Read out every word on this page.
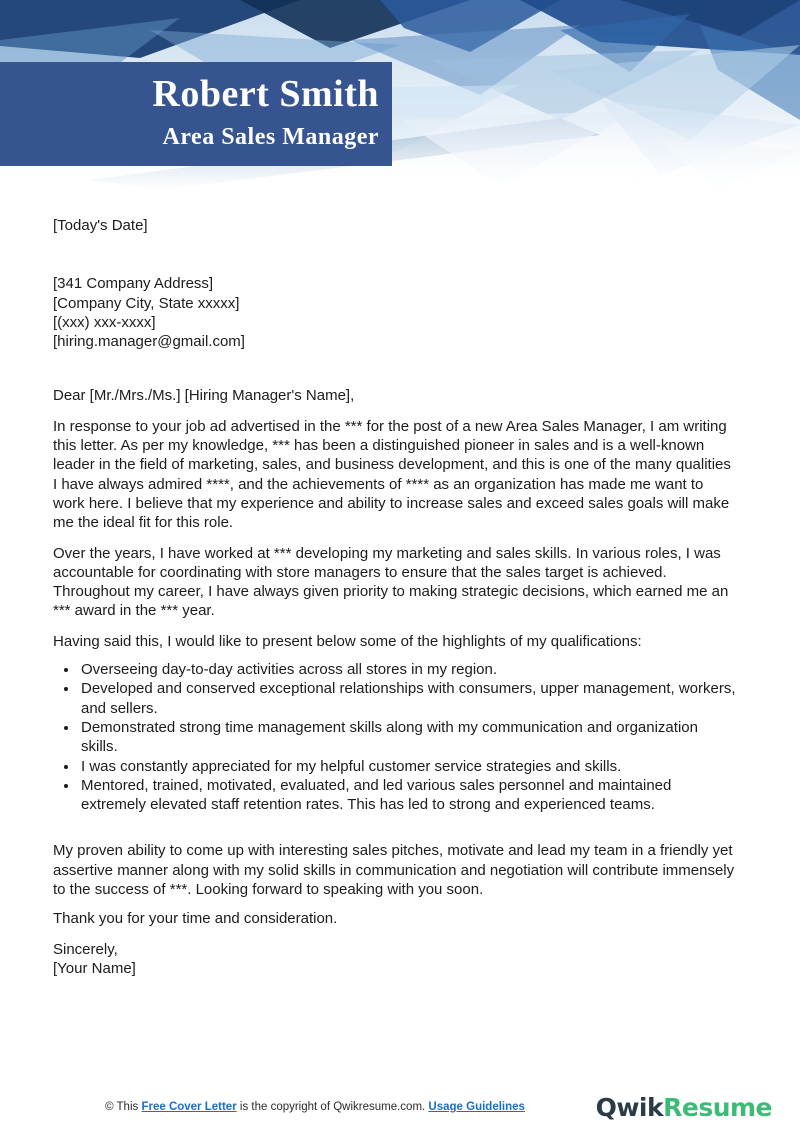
Robert Smith
Area Sales Manager
[Today's Date]
[341 Company Address]
[Company City, State xxxxx]
[(xxx) xxx-xxxx]
[hiring.manager@gmail.com]
Dear [Mr./Mrs./Ms.] [Hiring Manager's Name],

In response to your job ad advertised in the *** for the post of a new Area Sales Manager, I am writing this letter. As per my knowledge, *** has been a distinguished pioneer in sales and is a well-known leader in the field of marketing, sales, and business development, and this is one of the many qualities I have always admired ****, and the achievements of **** as an organization has made me want to work here. I believe that my experience and ability to increase sales and exceed sales goals will make me the ideal fit for this role.

Over the years, I have worked at *** developing my marketing and sales skills. In various roles, I was accountable for coordinating with store managers to ensure that the sales target is achieved. Throughout my career, I have always given priority to making strategic decisions, which earned me an *** award in the *** year.

Having said this, I would like to present below some of the highlights of my qualifications:

• Overseeing day-to-day activities across all stores in my region.
• Developed and conserved exceptional relationships with consumers, upper management, workers, and sellers.
• Demonstrated strong time management skills along with my communication and organization skills.
• I was constantly appreciated for my helpful customer service strategies and skills.
• Mentored, trained, motivated, evaluated, and led various sales personnel and maintained extremely elevated staff retention rates. This has led to strong and experienced teams.

My proven ability to come up with interesting sales pitches, motivate and lead my team in a friendly yet assertive manner along with my solid skills in communication and negotiation will contribute immensely to the success of ***. Looking forward to speaking with you soon.

Thank you for your time and consideration.

Sincerely,
[Your Name]
© This Free Cover Letter is the copyright of Qwikresume.com. Usage Guidelines	QwikResume
